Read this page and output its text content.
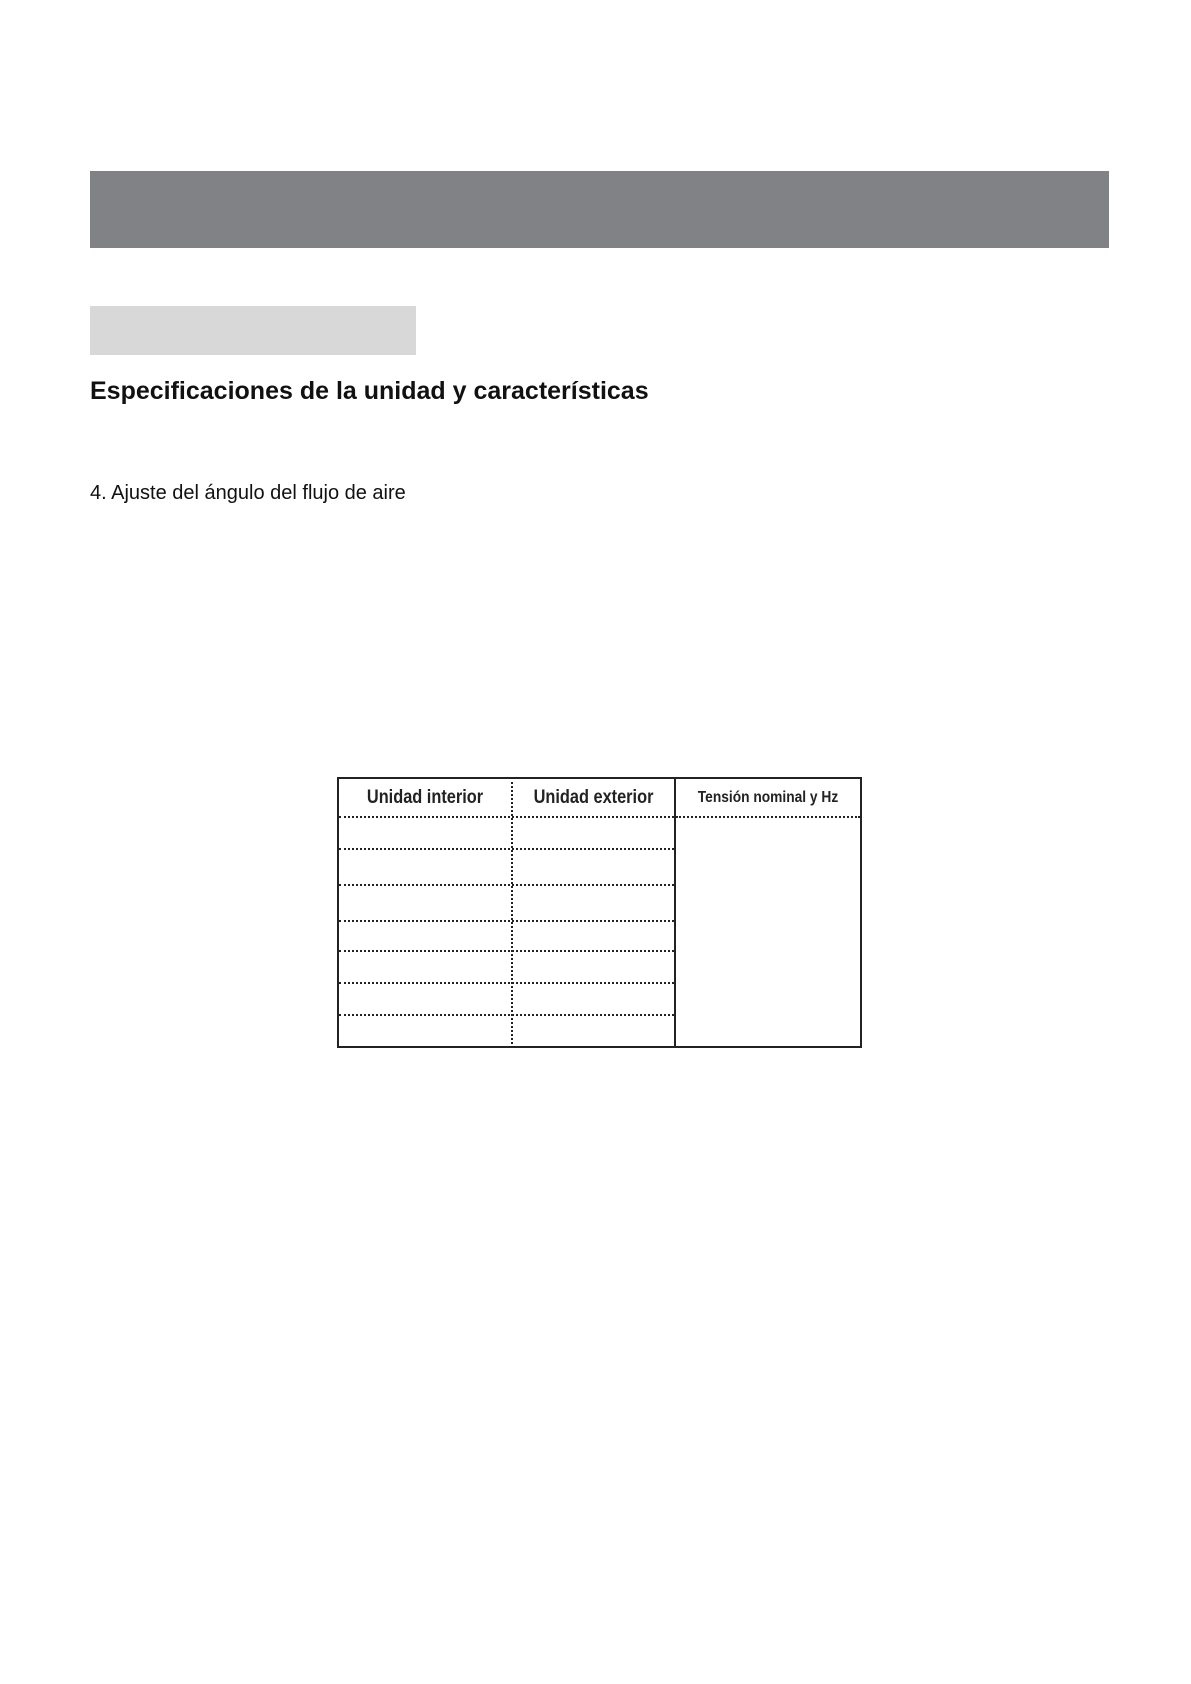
Especificaciones de la unidad y características

4. Ajuste del ángulo del flujo de aire

Unidad interior	Unidad exterior	Tensión nominal y Hz
